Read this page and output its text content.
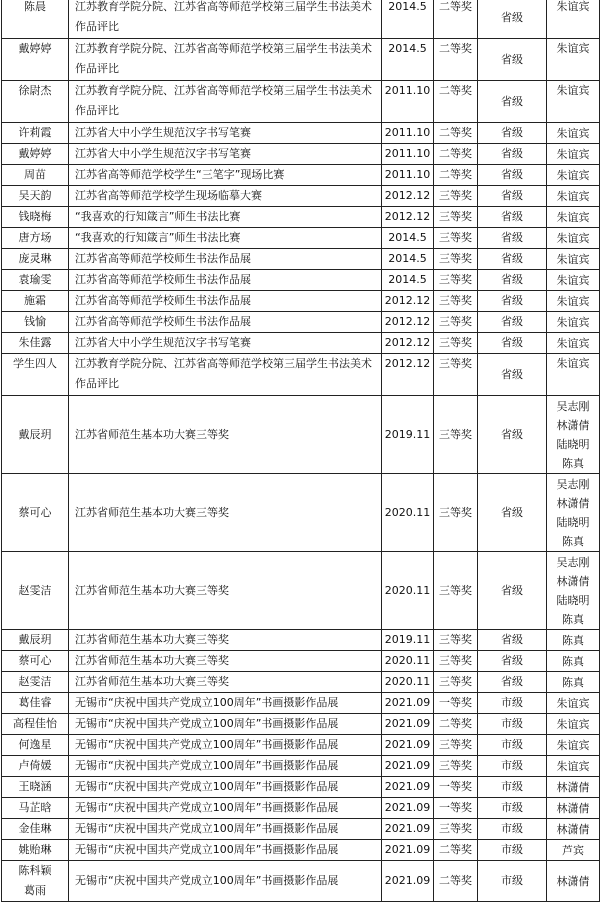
陈晨	江苏教育学院分院、江苏省高等师范学校第三届学生书法美术作品评比	2014.5	二等奖	省级	朱谊宾

戴婷婷	江苏教育学院分院、江苏省高等师范学校第三届学生书法美术作品评比	2014.5	二等奖	省级	朱谊宾

徐尉杰	江苏教育学院分院、江苏省高等师范学校第三届学生书法美术作品评比	2011.10	二等奖	省级	朱谊宾

许莉霞	江苏省大中小学生规范汉字书写笔赛	2011.10	二等奖	省级	朱谊宾

戴婷婷	江苏省大中小学生规范汉字书写笔赛	2011.10	二等奖	省级	朱谊宾

周苗	江苏省高等师范学校学生“三笔字”现场比赛	2011.10	二等奖	省级	朱谊宾

吴天韵	江苏省高等师范学校学生现场临摹大赛	2012.12	三等奖	省级	朱谊宾

钱晓梅	“我喜欢的行知箴言”师生书法比赛	2012.12	三等奖	省级	朱谊宾

唐方场	“我喜欢的行知箴言”师生书法比赛	2014.5	三等奖	省级	朱谊宾

庞灵琳	江苏省高等师范学校师生书法作品展	2014.5	三等奖	省级	朱谊宾

袁瑜雯	江苏省高等师范学校师生书法作品展	2014.5	三等奖	省级	朱谊宾

施霜	江苏省高等师范学校师生书法作品展	2012.12	三等奖	省级	朱谊宾

钱愉	江苏省高等师范学校师生书法作品展	2012.12	三等奖	省级	朱谊宾

朱佳露	江苏省大中小学生规范汉字书写笔赛	2012.12	三等奖	省级	朱谊宾

学生四人	江苏教育学院分院、江苏省高等师范学校第三届学生书法美术作品评比	2012.12	三等奖	省级	朱谊宾

戴辰玥	江苏省师范生基本功大赛三等奖	2019.11	三等奖	省级	吴志刚
林潇倩
陆晓明
陈真

蔡可心	江苏省师范生基本功大赛三等奖	2020.11	三等奖	省级	吴志刚
林潇倩
陆晓明
陈真

赵雯洁	江苏省师范生基本功大赛三等奖	2020.11	三等奖	省级	吴志刚
林潇倩
陆晓明
陈真

戴辰玥	江苏省师范生基本功大赛三等奖	2019.11	三等奖	省级	陈真

蔡可心	江苏省师范生基本功大赛三等奖	2020.11	三等奖	省级	陈真

赵雯洁	江苏省师范生基本功大赛三等奖	2020.11	三等奖	省级	陈真

葛佳睿	无锡市“庆祝中国共产党成立100周年”书画摄影作品展	2021.09	一等奖	市级	朱谊宾

高程佳怡	无锡市“庆祝中国共产党成立100周年”书画摄影作品展	2021.09	二等奖	市级	朱谊宾

何逸星	无锡市“庆祝中国共产党成立100周年”书画摄影作品展	2021.09	三等奖	市级	朱谊宾

卢倚媛	无锡市“庆祝中国共产党成立100周年”书画摄影作品展	2021.09	三等奖	市级	朱谊宾

王晓涵	无锡市“庆祝中国共产党成立100周年”书画摄影作品展	2021.09	一等奖	市级	林潇倩

马芷晗	无锡市“庆祝中国共产党成立100周年”书画摄影作品展	2021.09	一等奖	市级	林潇倩

金佳琳	无锡市“庆祝中国共产党成立100周年”书画摄影作品展	2021.09	三等奖	市级	林潇倩

姚贻琳	无锡市“庆祝中国共产党成立100周年”书画摄影作品展	2021.09	二等奖	市级	芦宾

陈科颖
葛雨	无锡市“庆祝中国共产党成立100周年”书画摄影作品展	2021.09	二等奖	市级	林潇倩
